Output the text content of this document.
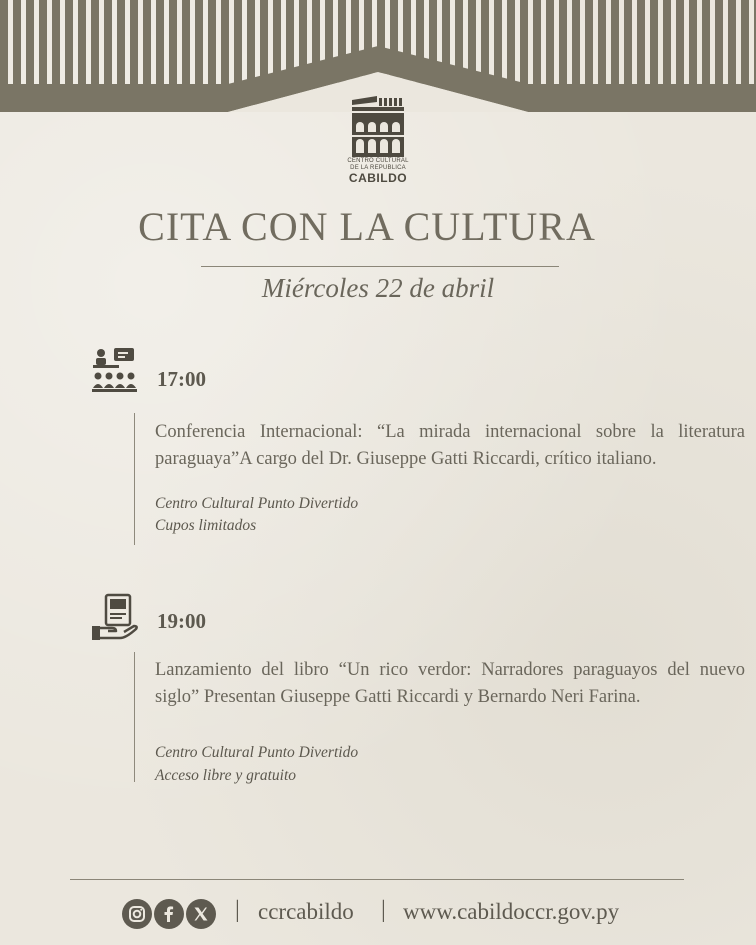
CENTRO CULTURAL
DE LA REPUBLICA
CABILDO
CITA CON LA CULTURA
Miércoles 22 de abril
17:00
Conferencia Internacional: “La mirada internacional sobre la literatura paraguaya”A cargo del Dr. Giuseppe Gatti Riccardi, crítico italiano.
Centro Cultural Punto Divertido
Cupos limitados
19:00
Lanzamiento del libro “Un rico verdor: Narradores paraguayos del nuevo siglo” Presentan Giuseppe Gatti Riccardi y Bernardo Neri Farina.
Centro Cultural Punto Divertido
Acceso libre y gratuito
| ccrcabildo | www.cabildoccr.gov.py
